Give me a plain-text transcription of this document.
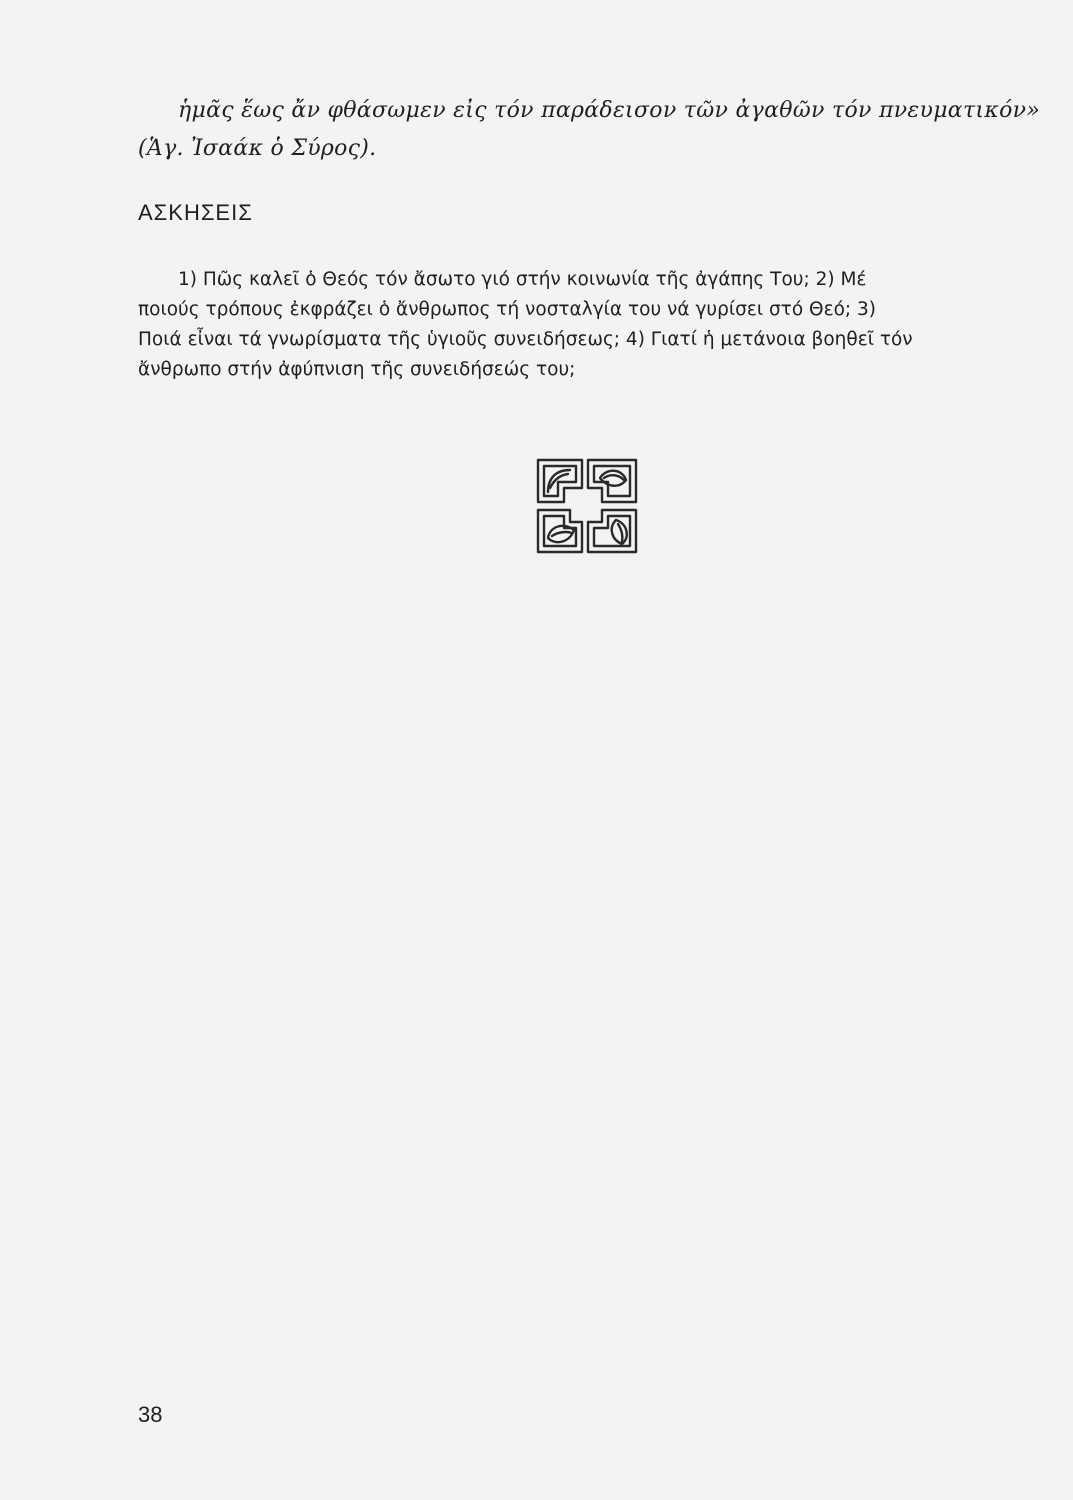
ἡμᾶς ἕως ἄν φθάσωμεν εἰς τόν παράδεισον τῶν ἀγαθῶν τόν πνευματικόν»
(Ἁγ. Ἰσαάκ ὁ Σύρος).
ΑΣΚΗΣΕΙΣ
1) Πῶς καλεῖ ὁ Θεός τόν ἄσωτο γιό στήν κοινωνία τῆς ἀγάπης Του; 2) Μέ
ποιούς τρόπους ἐκφράζει ὁ ἄνθρωπος τή νοσταλγία του νά γυρίσει στό Θεό; 3)
Ποιά εἶναι τά γνωρίσματα τῆς ὑγιοῦς συνειδήσεως; 4) Γιατί ἡ μετάνοια βοηθεῖ τόν
ἄνθρωπο στήν ἀφύπνιση τῆς συνειδήσεώς του;
38
